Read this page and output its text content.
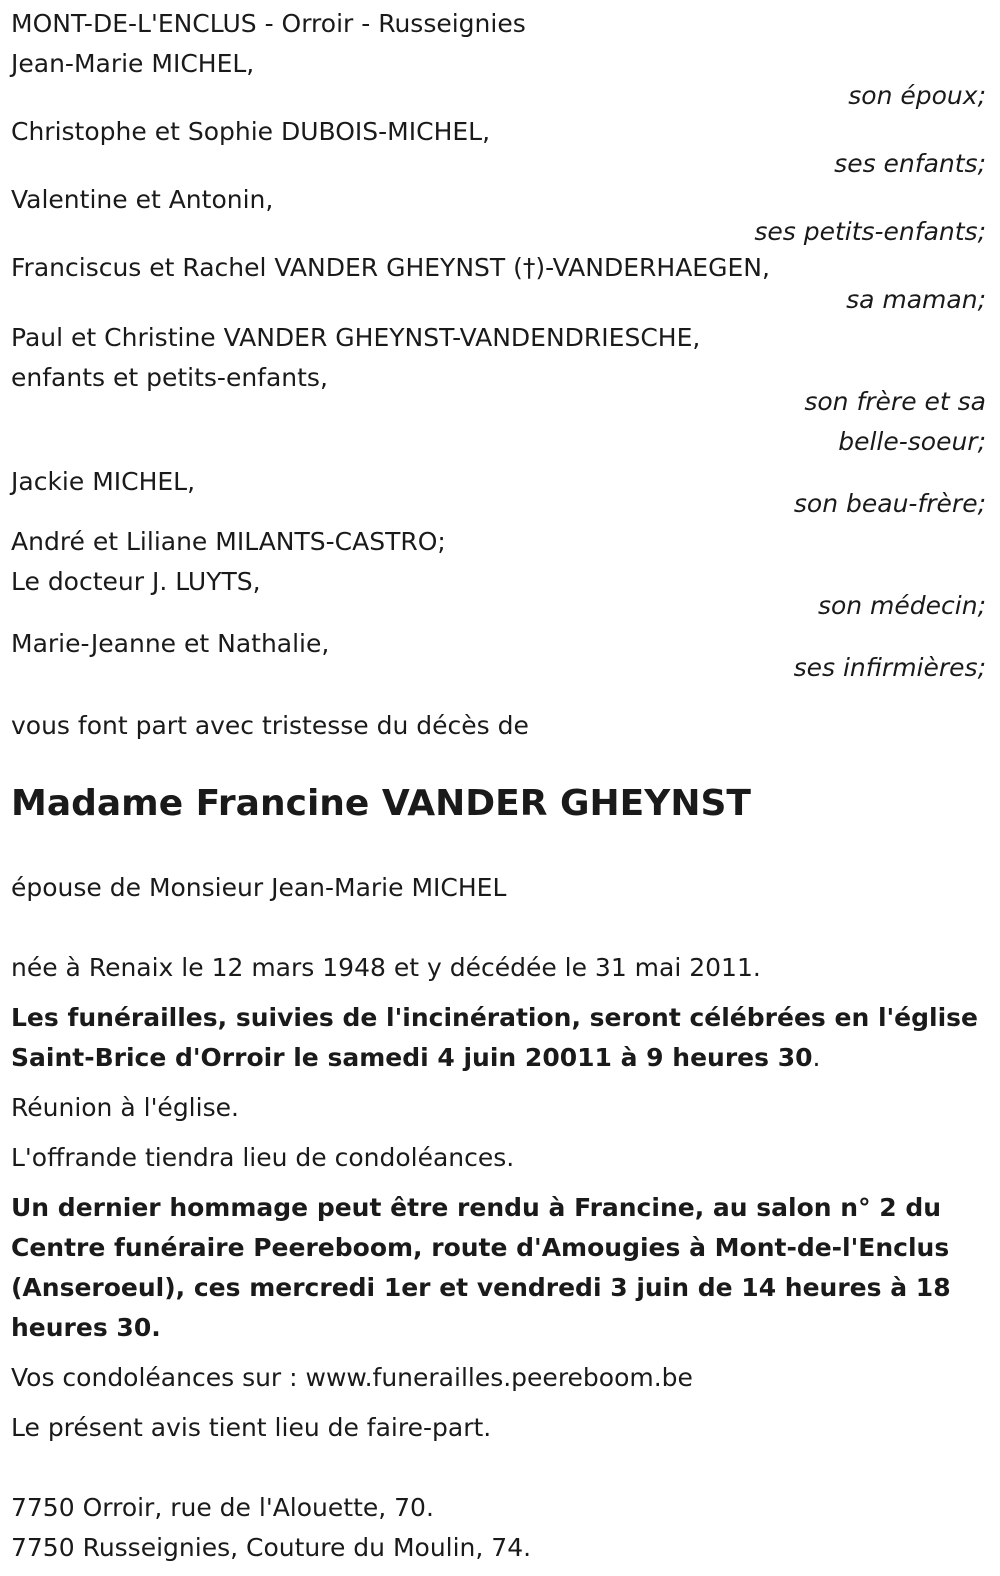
MONT-DE-L'ENCLUS - Orroir - Russeignies
Jean-Marie MICHEL,
son époux;
Christophe et Sophie DUBOIS-MICHEL,
ses enfants;
Valentine et Antonin,
ses petits-enfants;
Franciscus et Rachel VANDER GHEYNST (†)-VANDERHAEGEN,
sa maman;
Paul et Christine VANDER GHEYNST-VANDENDRIESCHE,
enfants et petits-enfants,
son frère et sa
belle-soeur;
Jackie MICHEL,
son beau-frère;
André et Liliane MILANTS-CASTRO;
Le docteur J. LUYTS,
son médecin;
Marie-Jeanne et Nathalie,
ses infirmières;
vous font part avec tristesse du décès de
Madame Francine VANDER GHEYNST
épouse de Monsieur Jean-Marie MICHEL
née à Renaix le 12 mars 1948 et y décédée le 31 mai 2011.
Les funérailles, suivies de l'incinération, seront célébrées en l'église Saint-Brice d'Orroir le samedi 4 juin 20011 à 9 heures 30.
Réunion à l'église.
L'offrande tiendra lieu de condoléances.
Un dernier hommage peut être rendu à Francine, au salon n° 2 du Centre funéraire Peereboom, route d'Amougies à Mont-de-l'Enclus (Anseroeul), ces mercredi 1er et vendredi 3 juin de 14 heures à 18 heures 30.
Vos condoléances sur : www.funerailles.peereboom.be
Le présent avis tient lieu de faire-part.
7750 Orroir, rue de l'Alouette, 70.
7750 Russeignies, Couture du Moulin, 74.
